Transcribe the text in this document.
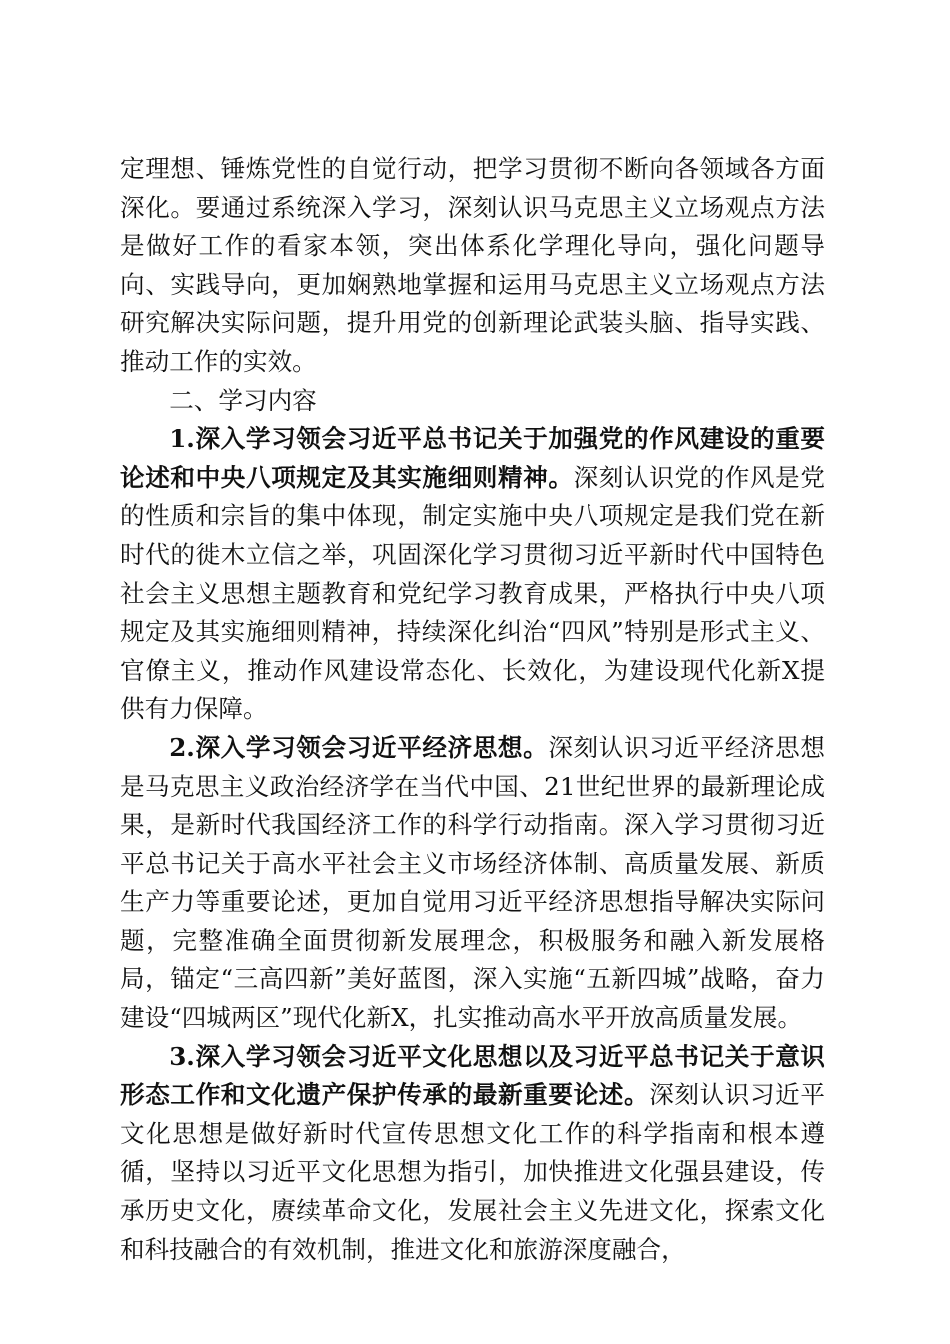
定理想、锤炼党性的自觉行动，把学习贯彻不断向各领域各方面深化。要通过系统深入学习，深刻认识马克思主义立场观点方法是做好工作的看家本领，突出体系化学理化导向，强化问题导向、实践导向，更加娴熟地掌握和运用马克思主义立场观点方法研究解决实际问题，提升用党的创新理论武装头脑、指导实践、推动工作的实效。

二、学习内容

1.深入学习领会习近平总书记关于加强党的作风建设的重要论述和中央八项规定及其实施细则精神。深刻认识党的作风是党的性质和宗旨的集中体现，制定实施中央八项规定是我们党在新时代的徙木立信之举，巩固深化学习贯彻习近平新时代中国特色社会主义思想主题教育和党纪学习教育成果，严格执行中央八项规定及其实施细则精神，持续深化纠治“四风”特别是形式主义、官僚主义，推动作风建设常态化、长效化，为建设现代化新X提供有力保障。

2.深入学习领会习近平经济思想。深刻认识习近平经济思想是马克思主义政治经济学在当代中国、21世纪世界的最新理论成果，是新时代我国经济工作的科学行动指南。深入学习贯彻习近平总书记关于高水平社会主义市场经济体制、高质量发展、新质生产力等重要论述，更加自觉用习近平经济思想指导解决实际问题，完整准确全面贯彻新发展理念，积极服务和融入新发展格局，锚定“三高四新”美好蓝图，深入实施“五新四城”战略，奋力建设“四城两区”现代化新X，扎实推动高水平开放高质量发展。

3.深入学习领会习近平文化思想以及习近平总书记关于意识形态工作和文化遗产保护传承的最新重要论述。深刻认识习近平文化思想是做好新时代宣传思想文化工作的科学指南和根本遵循，坚持以习近平文化思想为指引，加快推进文化强县建设，传承历史文化，赓续革命文化，发展社会主义先进文化，探索文化和科技融合的有效机制，推进文化和旅游深度融合，
